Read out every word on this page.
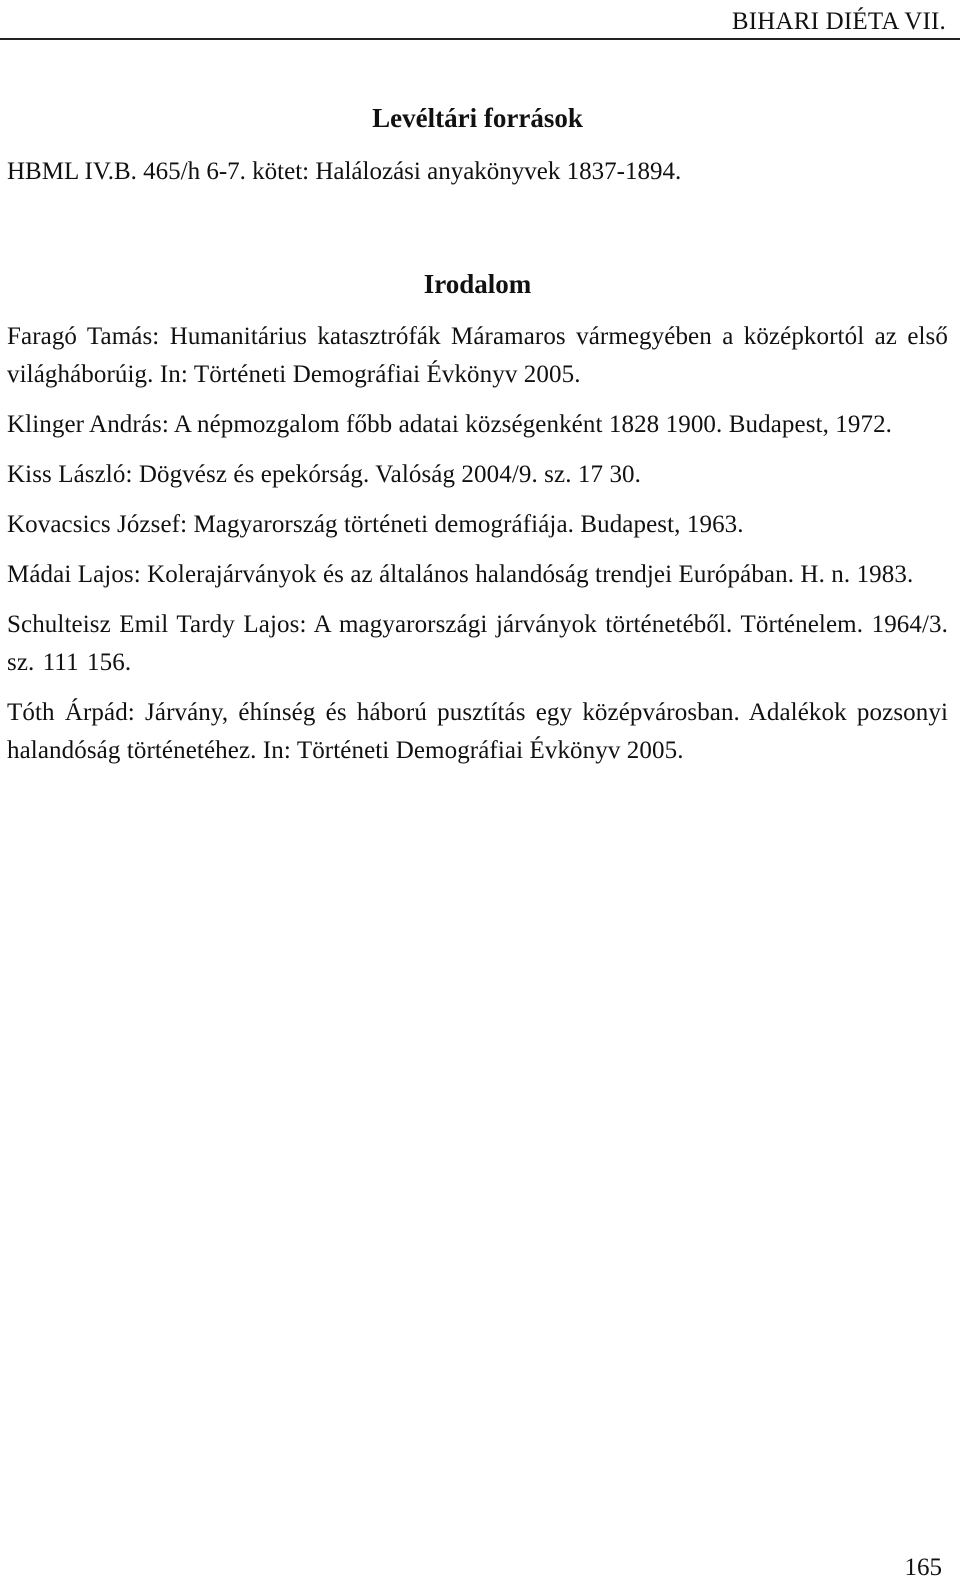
BIHARI DIÉTA VII.
Levéltári források

HBML IV.B. 465/h 6-7. kötet: Halálozási anyakönyvek 1837-1894.

Irodalom

Faragó Tamás: Humanitárius katasztrófák Máramaros vármegyében a középkortól az első világháborúig. In: Történeti Demográfiai Évkönyv 2005.

Klinger András: A népmozgalom főbb adatai községenként 1828 1900. Budapest, 1972.

Kiss László: Dögvész és epekórság. Valóság 2004/9. sz. 17 30.

Kovacsics József: Magyarország történeti demográfiája. Budapest, 1963.

Mádai Lajos: Kolerajárványok és az általános halandóság trendjei Európában. H. n. 1983.

Schulteisz Emil Tardy Lajos: A magyarországi járványok történetéből. Történelem. 1964/3. sz. 111 156.

Tóth Árpád: Járvány, éhínség és háború pusztítás egy középvárosban. Adalékok pozsonyi halandóság történetéhez. In: Történeti Demográfiai Évkönyv 2005.

165
